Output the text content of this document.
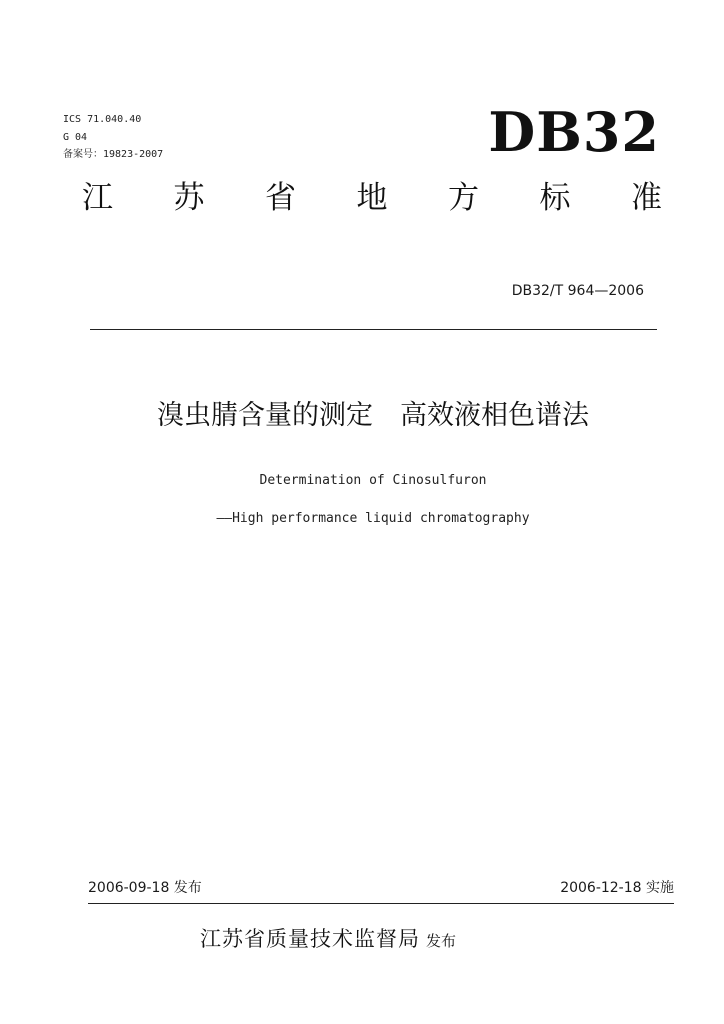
ICS 71.040.40
G 04
备案号：19823-2007	DB32
江 苏 省 地 方 标 准
DB32/T 964—2006
溴虫腈含量的测定　高效液相色谱法
Determination of Cinosulfuron
——High performance liquid chromatography
2006-09-18 发布	2006-12-18 实施
江苏省质量技术监督局 发布
